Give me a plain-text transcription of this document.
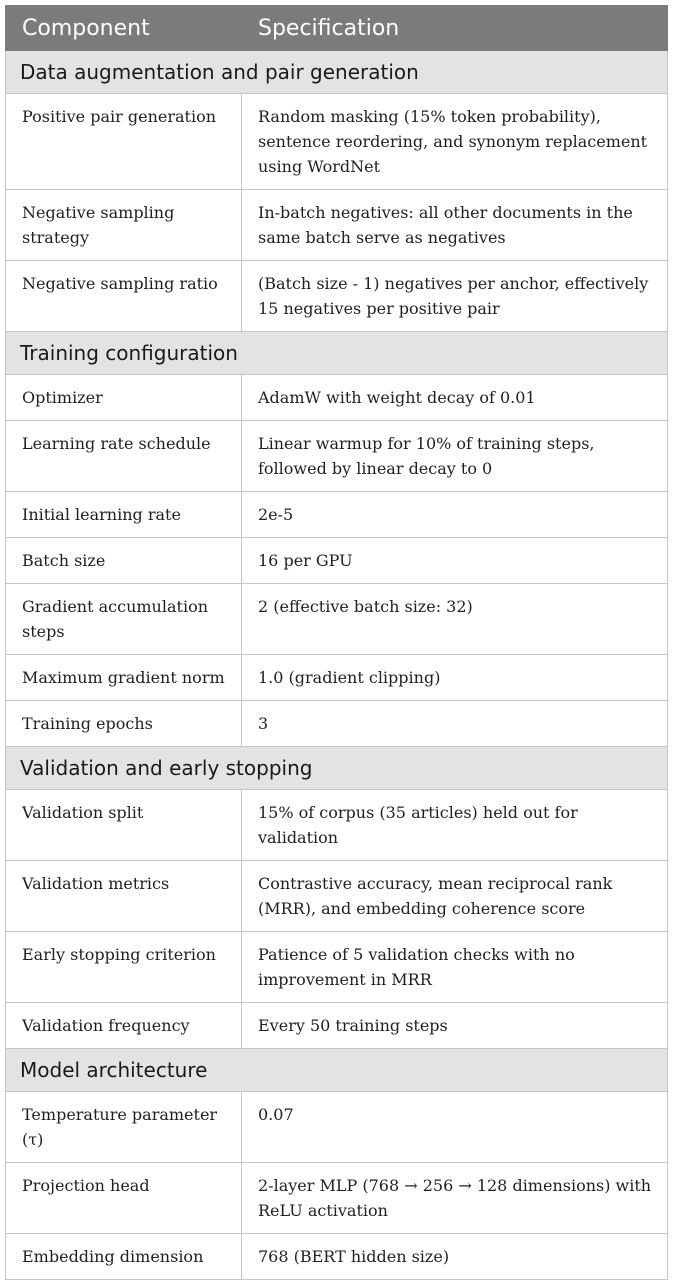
Component	Specification
Data augmentation and pair generation	
Positive pair generation	Random masking (15% token probability), sentence reordering, and synonym replacement using WordNet
Negative sampling strategy	In-batch negatives: all other documents in the same batch serve as negatives
Negative sampling ratio	(Batch size - 1) negatives per anchor, effectively 15 negatives per positive pair
Training configuration	
Optimizer	AdamW with weight decay of 0.01
Learning rate schedule	Linear warmup for 10% of training steps, followed by linear decay to 0
Initial learning rate	2e-5
Batch size	16 per GPU
Gradient accumulation steps	2 (effective batch size: 32)
Maximum gradient norm	1.0 (gradient clipping)
Training epochs	3
Validation and early stopping	
Validation split	15% of corpus (35 articles) held out for validation
Validation metrics	Contrastive accuracy, mean reciprocal rank (MRR), and embedding coherence score
Early stopping criterion	Patience of 5 validation checks with no improvement in MRR
Validation frequency	Every 50 training steps
Model architecture	
Temperature parameter (τ)	0.07
Projection head	2-layer MLP (768 → 256 → 128 dimensions) with ReLU activation
Embedding dimension	768 (BERT hidden size)
